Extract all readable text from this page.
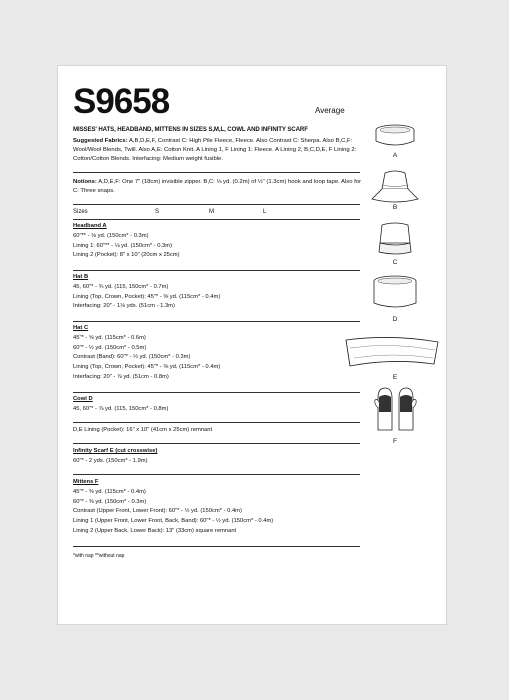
S9658	Average
MISSES' HATS, HEADBAND, MITTENS IN SIZES S,M,L, COWL AND INFINITY SCARF
Suggested Fabrics: A,B,D,E,F, Contrast C: High Pile Fleece, Fleece. Also Contrast C: Sherpa. Also B,C,F: Wool/Wool Blends, Twill. Also A,E: Cotton Knit. A Lining 1, F Lining 1: Fleece. A Lining 2, B,C,D,E, F Lining 2: Cotton/Cotton Blends. Interfacing: Medium weight fusible.
Notions: A,D,E,F: One 7" (18cm) invisible zipper. B,C: ⅛ yd. (0.2m) of ½" (1.3cm) hook and loop tape. Also for C: Three snaps.
Sizes	S	M	L
Headband A
60"** - ⅛ yd. (150cm* - 0.3m)
Lining 1: 60"** - ⅛ yd. (150cm* - 0.3m)
Lining 2 (Pocket): 8" x 10" (20cm x 25cm)
Hat B
45, 60"* - ¾ yd. (115, 150cm* - 0.7m)
Lining (Top, Crown, Pocket): 45"* - ⅜ yd. (115cm* - 0.4m)
Interfacing: 20" - 1⅛ yds. (51cm - 1.3m)
Hat C
45"* - ⅝ yd. (115cm* - 0.6m)
60"* - ½ yd. (150cm* - 0.5m)
Contrast (Band): 60"* - ⅓ yd. (150cm* - 0.3m)
Lining (Top, Crown, Pocket): 45"* - ⅜ yd. (115cm* - 0.4m)
Interfacing: 20" - ⅞ yd. (51cm - 0.8m)
Cowl D
45, 60"* - ⅞ yd. (115, 150cm* - 0.8m)
D,E Lining (Pocket): 16" x 10" (41cm x 25cm) remnant
Infinity Scarf E (cut crosswise)
60"* - 2 yds. (150cm* - 1.9m)
Mittens F
45"* - ⅜ yd. (115cm* - 0.4m)
60"* - ⅜ yd. (150cm* - 0.3m)
Contrast (Upper Front, Lower Front): 60"* - ½ yd. (150cm* - 0.4m)
Lining 1 (Upper Front, Lower Front, Back, Band): 60"* - ½ yd. (150cm* - 0.4m)
Lining 2 (Upper Back, Lower Back): 13" (33cm) square remnant
*with nap **without nap
A
B
C
D
E
F
